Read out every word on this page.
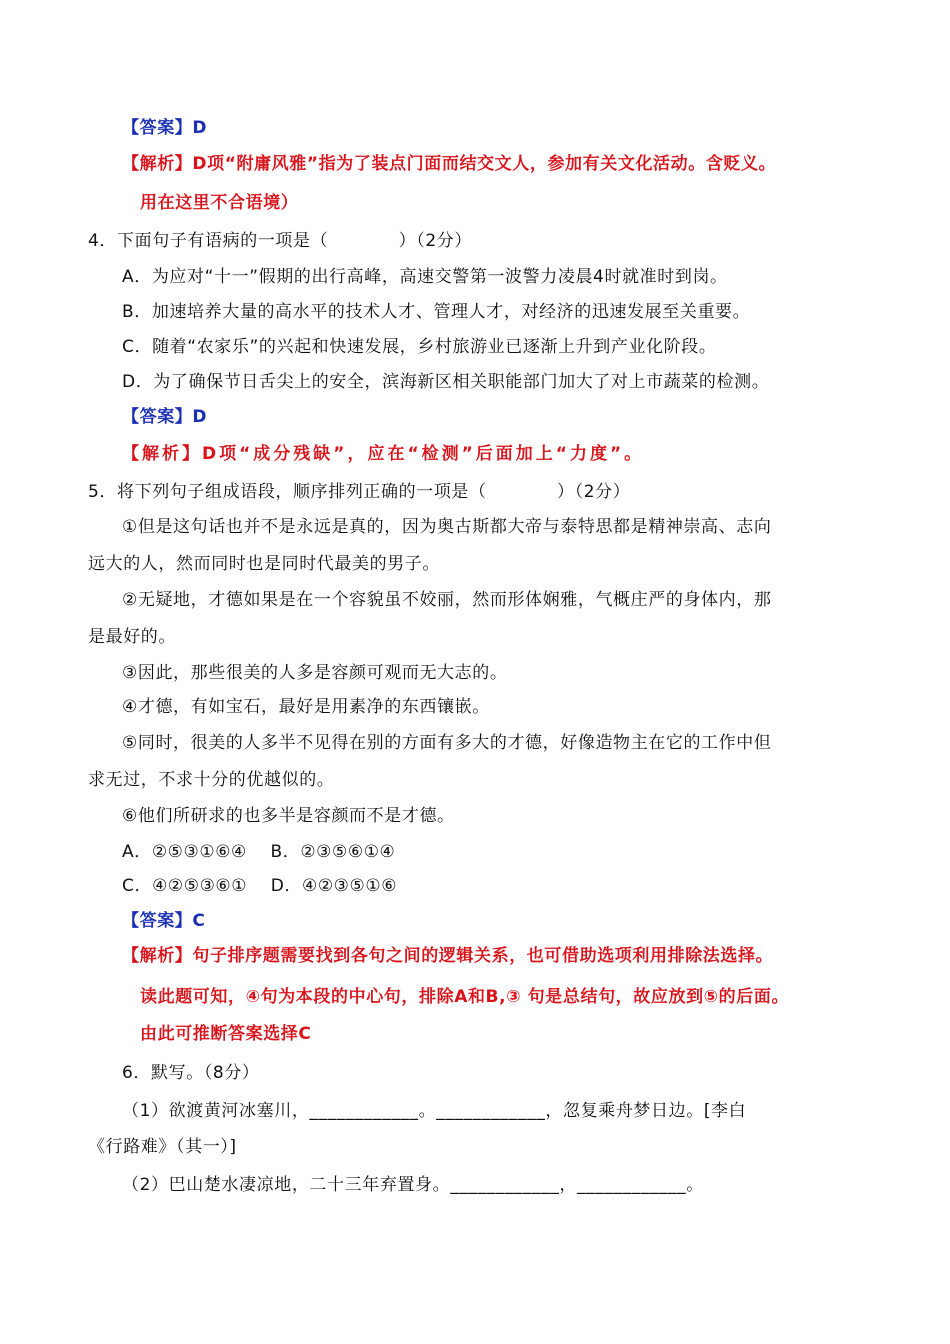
【答案】D
【解析】D项“附庸风雅”指为了装点门面而结交文人，参加有关文化活动。含贬义。
用在这里不合语境）
4．下面句子有语病的一项是（　　　　）（2分）
A．为应对“十一”假期的出行高峰，高速交警第一波警力凌晨4时就准时到岗。
B．加速培养大量的高水平的技术人才、管理人才，对经济的迅速发展至关重要。
C．随着“农家乐”的兴起和快速发展，乡村旅游业已逐渐上升到产业化阶段。
D．为了确保节日舌尖上的安全，滨海新区相关职能部门加大了对上市蔬菜的检测。
【答案】D
【解析】D项“成分残缺”，应在“检测”后面加上“力度”。
5．将下列句子组成语段，顺序排列正确的一项是（　　　　）（2分）
①但是这句话也并不是永远是真的，因为奥古斯都大帝与泰特思都是精神崇高、志向
远大的人，然而同时也是同时代最美的男子。
②无疑地，才德如果是在一个容貌虽不姣丽，然而形体娴雅，气概庄严的身体内，那
是最好的。
③因此，那些很美的人多是容颜可观而无大志的。
④才德，有如宝石，最好是用素净的东西镶嵌。
⑤同时，很美的人多半不见得在别的方面有多大的才德，好像造物主在它的工作中但
求无过，不求十分的优越似的。
⑥他们所研求的也多半是容颜而不是才德。
A．②⑤③①⑥④　 B．②③⑤⑥①④
C．④②⑤③⑥①　 D．④②③⑤①⑥
【答案】C
【解析】句子排序题需要找到各句之间的逻辑关系，也可借助选项利用排除法选择。
读此题可知，④句为本段的中心句，排除A和B,③ 句是总结句，故应放到⑤的后面。
由此可推断答案选择C
6．默写。（8分）
（1）欲渡黄河冰塞川，____________。____________，忽复乘舟梦日边。[李白
《行路难》（其一）]
（2）巴山楚水凄凉地，二十三年弃置身。____________，____________。
